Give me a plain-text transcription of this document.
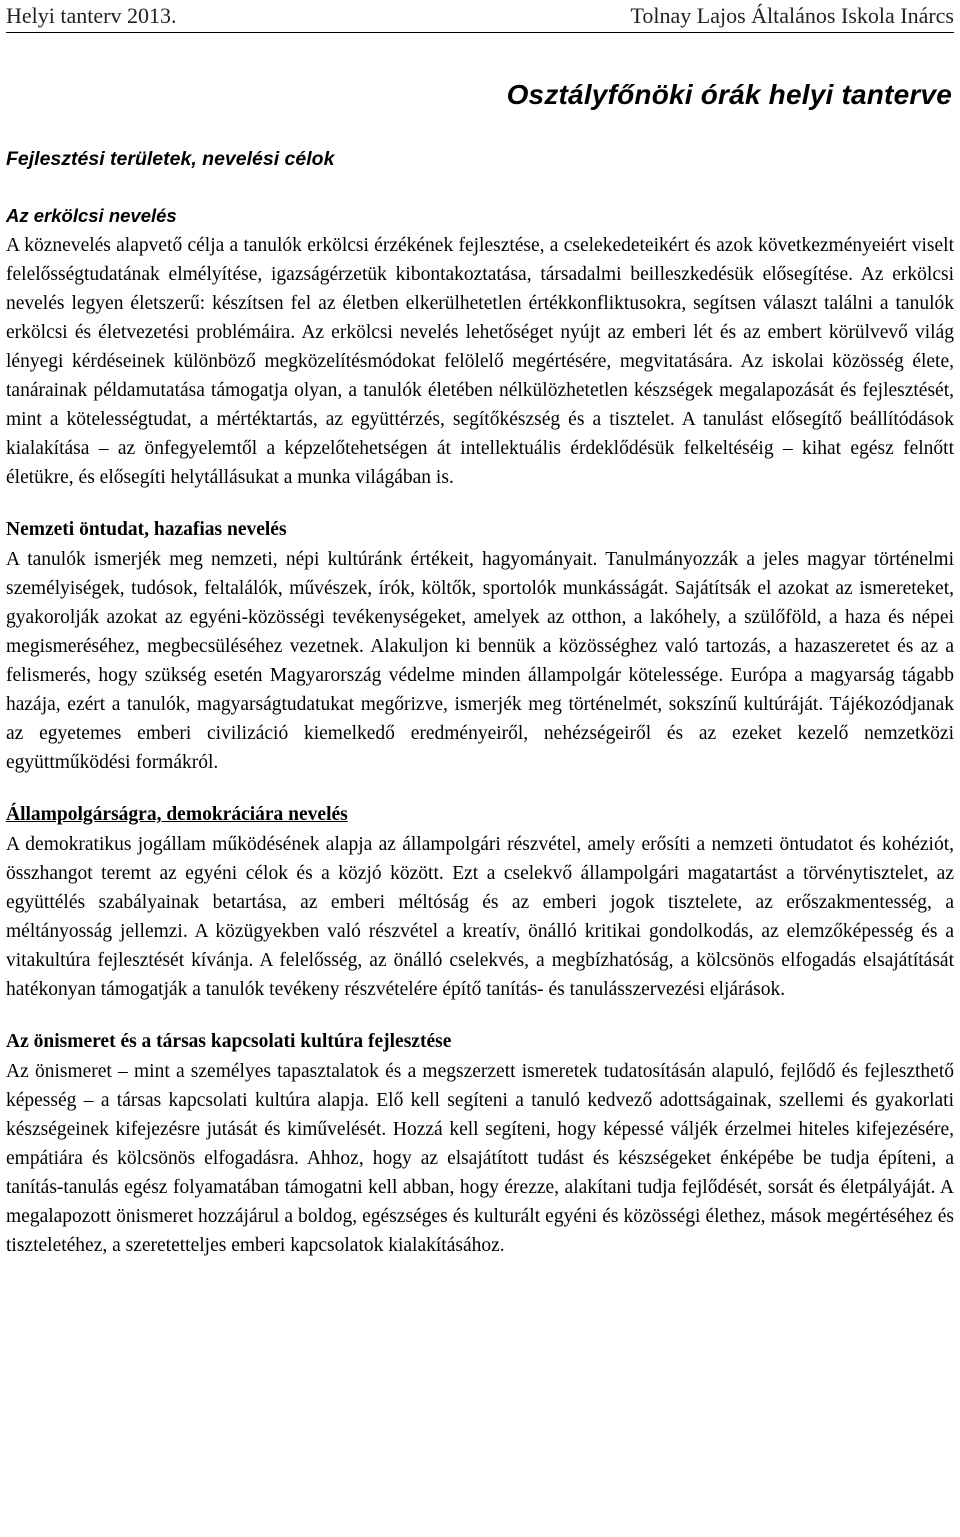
Helyi tanterv 2013.	Tolnay Lajos Általános Iskola Inárcs
Osztályfőnöki órák helyi tanterve
Fejlesztési területek, nevelési célok

Az erkölcsi nevelés

A köznevelés alapvető célja a tanulók erkölcsi érzékének fejlesztése, a cselekedeteikért és azok következményeiért viselt felelősségtudatának elmélyítése, igazságérzetük kibontakoztatása, társadalmi beilleszkedésük elősegítése. Az erkölcsi nevelés legyen életszerű: készítsen fel az életben elkerülhetetlen értékkonfliktusokra, segítsen választ találni a tanulók erkölcsi és életvezetési problémáira. Az erkölcsi nevelés lehetőséget nyújt az emberi lét és az embert körülvevő világ lényegi kérdéseinek különböző megközelítésmódokat felölelő megértésére, megvitatására. Az iskolai közösség élete, tanárainak példamutatása támogatja olyan, a tanulók életében nélkülözhetetlen készségek megalapozását és fejlesztését, mint a kötelességtudat, a mértéktartás, az együttérzés, segítőkészség és a tisztelet. A tanulást elősegítő beállítódások kialakítása – az önfegyelemtől a képzelőtehetségen át intellektuális érdeklődésük felkeltéséig – kihat egész felnőtt életükre, és elősegíti helytállásukat a munka világában is.

Nemzeti öntudat, hazafias nevelés

A tanulók ismerjék meg nemzeti, népi kultúránk értékeit, hagyományait. Tanulmányozzák a jeles magyar történelmi személyiségek, tudósok, feltalálók, művészek, írók, költők, sportolók munkásságát. Sajátítsák el azokat az ismereteket, gyakorolják azokat az egyéni-közösségi tevékenységeket, amelyek az otthon, a lakóhely, a szülőföld, a haza és népei megismeréséhez, megbecsüléséhez vezetnek. Alakuljon ki bennük a közösséghez való tartozás, a hazaszeretet és az a felismerés, hogy szükség esetén Magyarország védelme minden állampolgár kötelessége. Európa a magyarság tágabb hazája, ezért a tanulók, magyarságtudatukat megőrizve, ismerjék meg történelmét, sokszínű kultúráját. Tájékozódjanak az egyetemes emberi civilizáció kiemelkedő eredményeiről, nehézségeiről és az ezeket kezelő nemzetközi együttműködési formákról.

Állampolgárságra, demokráciára nevelés

A demokratikus jogállam működésének alapja az állampolgári részvétel, amely erősíti a nemzeti öntudatot és kohéziót, összhangot teremt az egyéni célok és a közjó között. Ezt a cselekvő állampolgári magatartást a törvénytisztelet, az együttélés szabályainak betartása, az emberi méltóság és az emberi jogok tisztelete, az erőszakmentesség, a méltányosság jellemzi. A közügyekben való részvétel a kreatív, önálló kritikai gondolkodás, az elemzőképesség és a vitakultúra fejlesztését kívánja. A felelősség, az önálló cselekvés, a megbízhatóság, a kölcsönös elfogadás elsajátítását hatékonyan támogatják a tanulók tevékeny részvételére építő tanítás- és tanulásszervezési eljárások.

Az önismeret és a társas kapcsolati kultúra fejlesztése

Az önismeret – mint a személyes tapasztalatok és a megszerzett ismeretek tudatosításán alapuló, fejlődő és fejleszthető képesség – a társas kapcsolati kultúra alapja. Elő kell segíteni a tanuló kedvező adottságainak, szellemi és gyakorlati készségeinek kifejezésre jutását és kiművelését. Hozzá kell segíteni, hogy képessé váljék érzelmei hiteles kifejezésére, empátiára és kölcsönös elfogadásra. Ahhoz, hogy az elsajátított tudást és készségeket énképébe be tudja építeni, a tanítás-tanulás egész folyamatában támogatni kell abban, hogy érezze, alakítani tudja fejlődését, sorsát és életpályáját. A megalapozott önismeret hozzájárul a boldog, egészséges és kulturált egyéni és közösségi élethez, mások megértéséhez és tiszteletéhez, a szeretetteljes emberi kapcsolatok kialakításához.
